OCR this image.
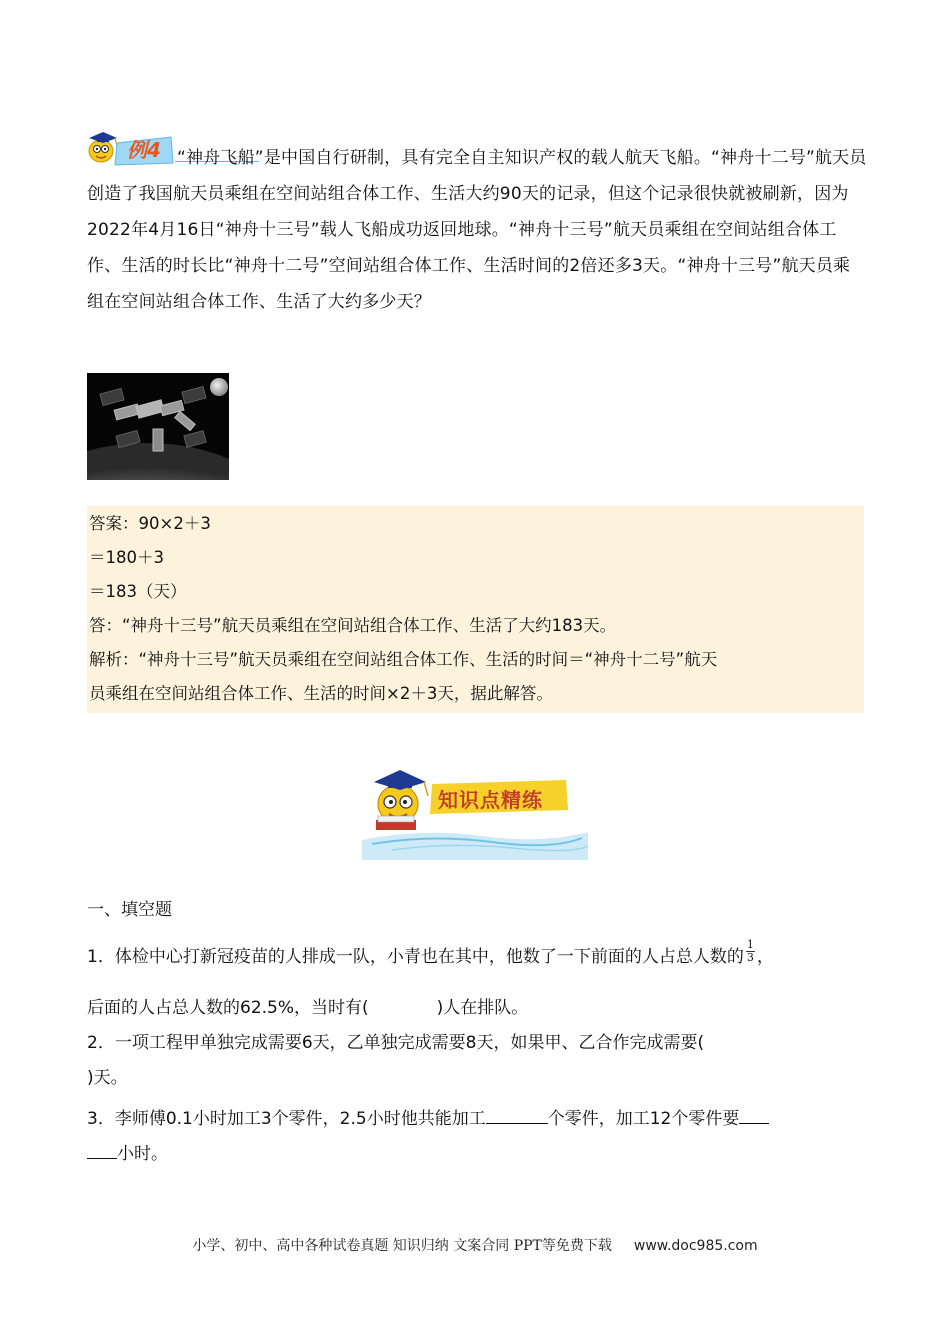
例4 “神舟飞船”是中国自行研制，具有完全自主知识产权的载人航天飞船。“神舟十二号”航天员创造了我国航天员乘组在空间站组合体工作、生活大约90天的记录，但这个记录很快就被刷新，因为2022年4月16日“神舟十三号”载人飞船成功返回地球。“神舟十三号”航天员乘组在空间站组合体工作、生活的时长比“神舟十二号”空间站组合体工作、生活时间的2倍还多3天。“神舟十三号”航天员乘组在空间站组合体工作、生活了大约多少天？
答案：90×2＋3
＝180＋3
＝183（天）
答：“神舟十三号”航天员乘组在空间站组合体工作、生活了大约183天。
解析：“神舟十三号”航天员乘组在空间站组合体工作、生活的时间＝“神舟十二号”航天
员乘组在空间站组合体工作、生活的时间×2＋3天，据此解答。
知识点精练
一、填空题
1．体检中心打新冠疫苗的人排成一队，小青也在其中，他数了一下前面的人占总人数的 $\frac{1}{3}$ ，
后面的人占总人数的62.5%，当时有(	)人在排队。
2．一项工程甲单独完成需要6天，乙单独完成需要8天，如果甲、乙合作完成需要(
)天。
3．李师傅0.1小时加工3个零件，2.5小时他共能加工	个零件，加工12个零件要
小时。
小学、初中、高中各种试卷真题 知识归纳 文案合同 PPT等免费下载 www.doc985.com
